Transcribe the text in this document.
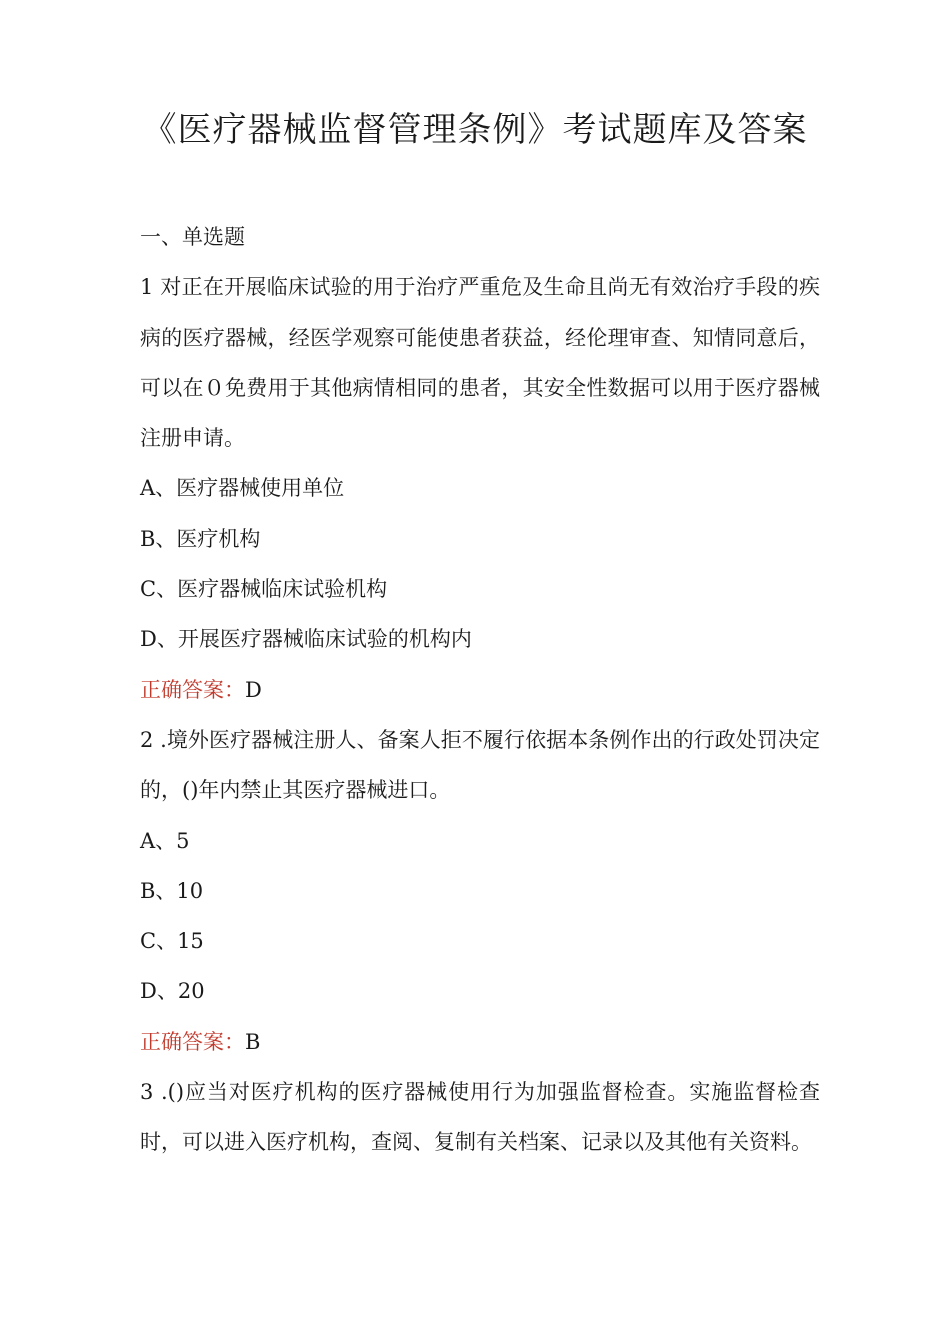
《医疗器械监督管理条例》考试题库及答案

一、单选题

1 对正在开展临床试验的用于治疗严重危及生命且尚无有效治疗手段的疾病的医疗器械，经医学观察可能使患者获益，经伦理审查、知情同意后，可以在０免费用于其他病情相同的患者，其安全性数据可以用于医疗器械注册申请。

A、医疗器械使用单位

B、医疗机构

C、医疗器械临床试验机构

D、开展医疗器械临床试验的机构内

正确答案：D

2 .境外医疗器械注册人、备案人拒不履行依据本条例作出的行政处罚决定的，()年内禁止其医疗器械进口。

A、5

B、10

C、15

D、20

正确答案：B

3 .()应当对医疗机构的医疗器械使用行为加强监督检查。实施监督检查时，可以进入医疗机构，查阅、复制有关档案、记录以及其他有关资料。
